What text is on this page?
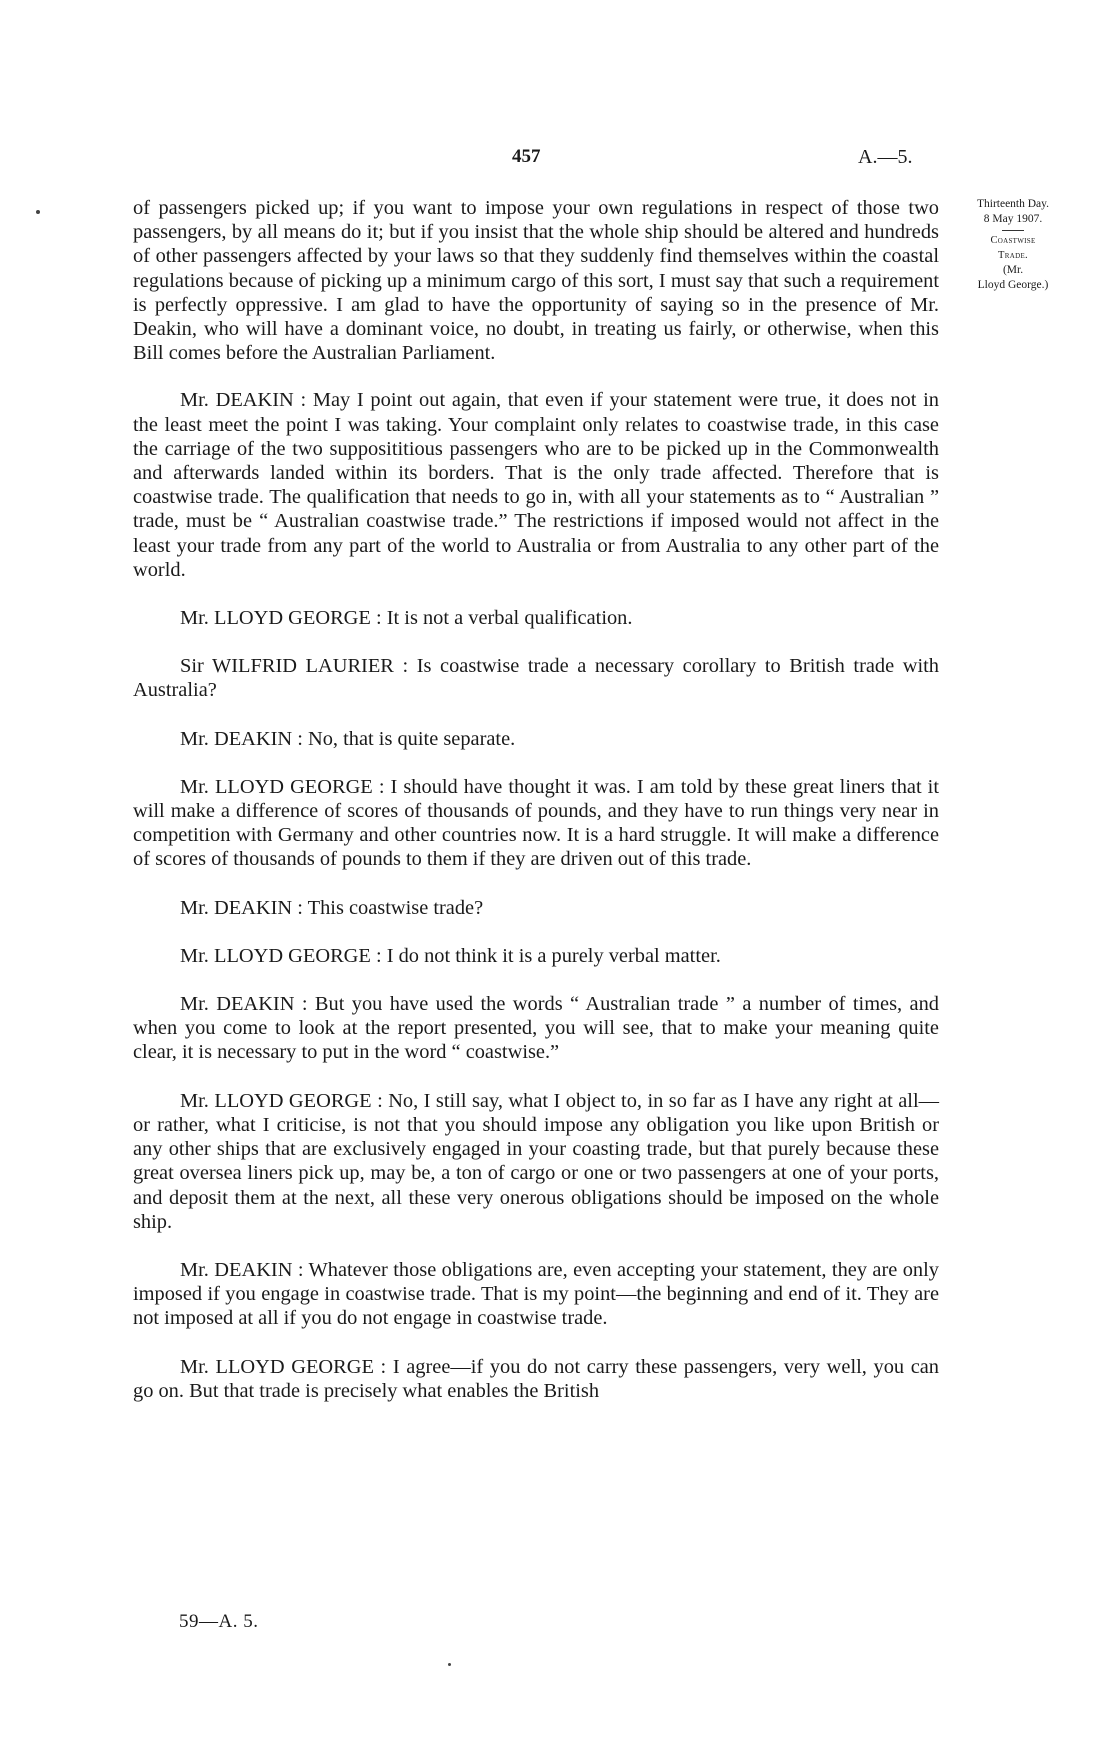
457	A.—5.

of passengers picked up; if you want to impose your own regulations in respect of those two passengers, by all means do it; but if you insist that the whole ship should be altered and hundreds of other passengers affected by your laws so that they suddenly find themselves within the coastal regulations because of picking up a minimum cargo of this sort, I must say that such a requirement is perfectly oppressive. I am glad to have the opportunity of saying so in the presence of Mr. Deakin, who will have a dominant voice, no doubt, in treating us fairly, or otherwise, when this Bill comes before the Australian Parliament.

Mr. DEAKIN : May I point out again, that even if your statement were true, it does not in the least meet the point I was taking. Your complaint only relates to coastwise trade, in this case the carriage of the two supposititious passengers who are to be picked up in the Commonwealth and afterwards landed within its borders. That is the only trade affected. Therefore that is coastwise trade. The qualification that needs to go in, with all your statements as to “ Australian ” trade, must be “ Australian coastwise trade.” The restrictions if imposed would not affect in the least your trade from any part of the world to Australia or from Australia to any other part of the world.

Mr. LLOYD GEORGE : It is not a verbal qualification.

Sir WILFRID LAURIER : Is coastwise trade a necessary corollary to British trade with Australia?

Mr. DEAKIN : No, that is quite separate.

Mr. LLOYD GEORGE : I should have thought it was. I am told by these great liners that it will make a difference of scores of thousands of pounds, and they have to run things very near in competition with Germany and other countries now. It is a hard struggle. It will make a difference of scores of thousands of pounds to them if they are driven out of this trade.

Mr. DEAKIN : This coastwise trade?

Mr. LLOYD GEORGE : I do not think it is a purely verbal matter.

Mr. DEAKIN : But you have used the words “ Australian trade ” a number of times, and when you come to look at the report presented, you will see, that to make your meaning quite clear, it is necessary to put in the word “ coastwise.”

Mr. LLOYD GEORGE : No, I still say, what I object to, in so far as I have any right at all—or rather, what I criticise, is not that you should impose any obligation you like upon British or any other ships that are exclusively engaged in your coasting trade, but that purely because these great oversea liners pick up, may be, a ton of cargo or one or two passengers at one of your ports, and deposit them at the next, all these very onerous obligations should be imposed on the whole ship.

Mr. DEAKIN : Whatever those obligations are, even accepting your statement, they are only imposed if you engage in coastwise trade. That is my point—the beginning and end of it. They are not imposed at all if you do not engage in coastwise trade.

Mr. LLOYD GEORGE : I agree—if you do not carry these passengers, very well, you can go on. But that trade is precisely what enables the British

Thirteenth Day.
8 May 1907.
Coastwise
Trade.
(Mr.
Lloyd George.)
59—A. 5.
